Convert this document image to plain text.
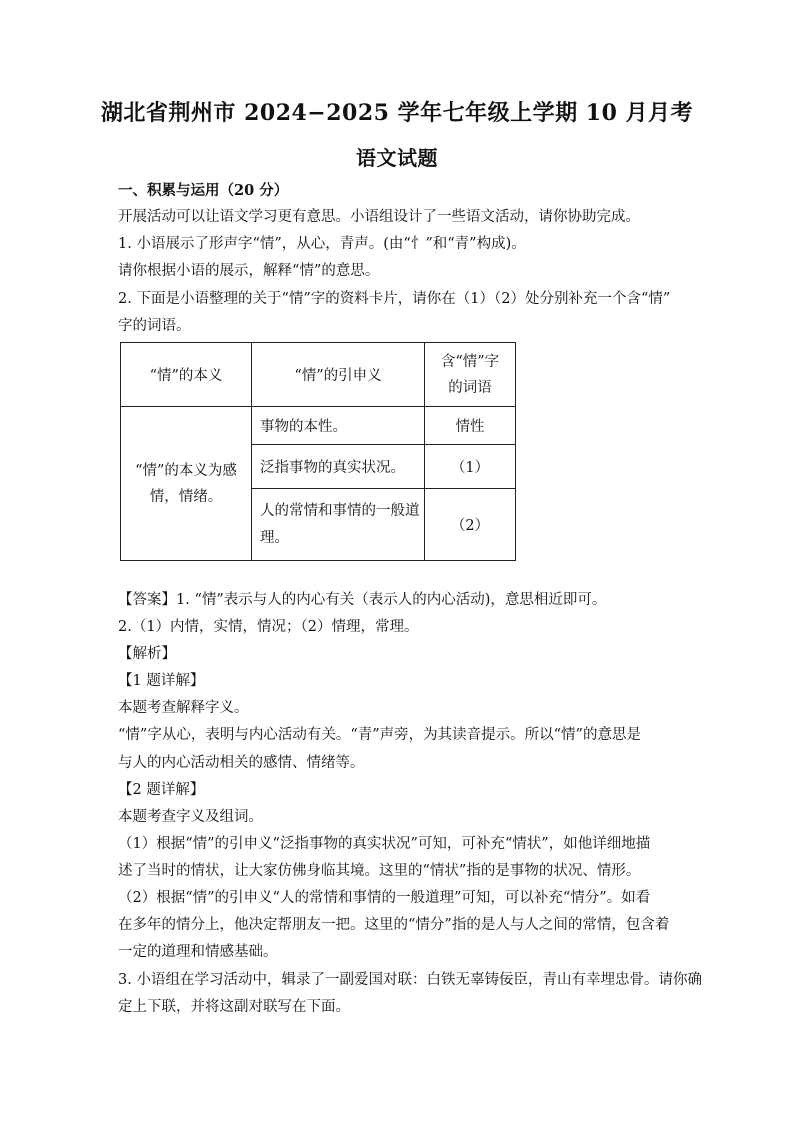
湖北省荆州市 2024−2025 学年七年级上学期 10 月月考
语文试题
一、积累与运用（20 分）
开展活动可以让语文学习更有意思。小语组设计了一些语文活动，请你协助完成。
1. 小语展示了形声字“情”，从心，青声。(由“忄”和“青”构成)。
请你根据小语的展示，解释“情”的意思。
2. 下面是小语整理的关于“情”字的资料卡片，请你在（1）（2）处分别补充一个含“情”
字的词语。
“情”的本义	“情”的引申义	含“情”字
的词语

“情”的本义为感
情，情绪。	事物的本性。	情性
	泛指事物的真实状况。	（1）

	人的常情和事情的一般道
理。	（2）
【答案】1. “情”表示与人的内心有关（表示人的内心活动)，意思相近即可。
2.（1）内情，实情，情况；（2）情理，常理。
【解析】
【1 题详解】
本题考查解释字义。
“情”字从心，表明与内心活动有关。“青”声旁，为其读音提示。所以“情”的意思是
与人的内心活动相关的感情、情绪等。
【2 题详解】
本题考查字义及组词。
（1）根据“情”的引申义“泛指事物的真实状况”可知，可补充“情状”，如他详细地描
述了当时的情状，让大家仿佛身临其境。这里的“情状”指的是事物的状况、情形。
（2）根据“情”的引申义“人的常情和事情的一般道理”可知，可以补充“情分”。如看
在多年的情分上，他决定帮朋友一把。这里的“情分”指的是人与人之间的常情，包含着
一定的道理和情感基础。
3. 小语组在学习活动中，辑录了一副爱国对联：白铁无辜铸佞臣，青山有幸埋忠骨。请你确
定上下联，并将这副对联写在下面。
